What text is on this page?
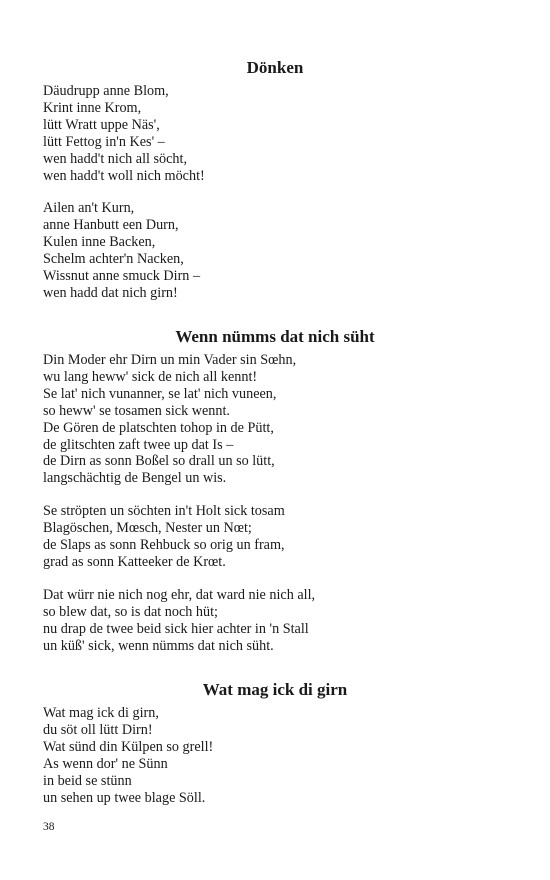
Dönken
Däudrupp anne Blom,
Krint inne Krom,
lütt Wratt uppe Näs',
lütt Fettog in'n Kes' –
wen hadd't nich all söcht,
wen hadd't woll nich möcht!
Ailen an't Kurn,
anne Hanbutt een Durn,
Kulen inne Backen,
Schelm achter'n Nacken,
Wissnut anne smuck Dirn –
wen hadd dat nich girn!
Wenn nümms dat nich süht
Din Moder ehr Dirn un min Vader sin Sœhn,
wu lang heww' sick de nich all kennt!
Se lat' nich vunanner, se lat' nich vuneen,
so heww' se tosamen sick wennt.
De Gören de platschten tohop in de Pütt,
de glitschten zaft twee up dat Is –
de Dirn as sonn Boßel so drall un so lütt,
langschächtig de Bengel un wis.
Se ströpten un söchten in't Holt sick tosam
Blagöschen, Mœsch, Nester un Nœt;
de Slaps as sonn Rehbuck so orig un fram,
grad as sonn Katteeker de Krœt.
Dat würr nie nich nog ehr, dat ward nie nich all,
so blew dat, so is dat noch hüt;
nu drap de twee beid sick hier achter in 'n Stall
un küß' sick, wenn nümms dat nich süht.
Wat mag ick di girn
Wat mag ick di girn,
du söt oll lütt Dirn!
Wat sünd din Külpen so grell!
As wenn dor' ne Sünn
in beid se stünn
un sehen up twee blage Söll.
38
